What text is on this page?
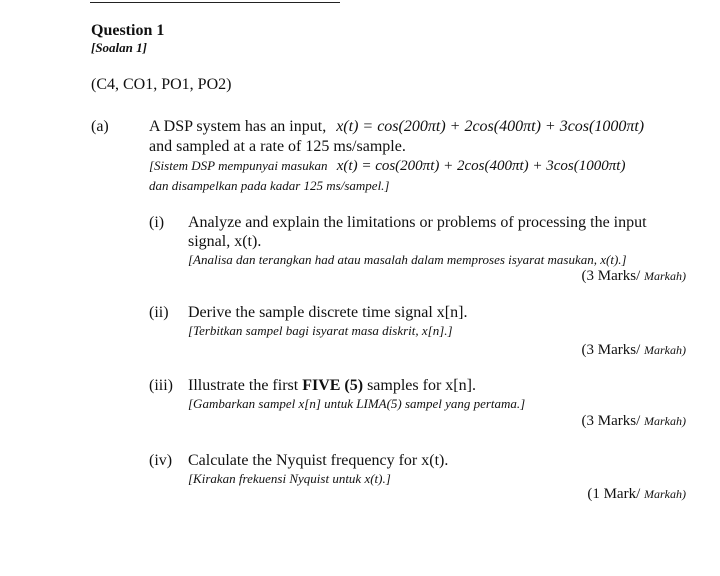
Question 1
[Soalan 1]
(C4, CO1, PO1, PO2)
(a)	A DSP system has an input, x(t) = cos(200πt) + 2cos(400πt) + 3cos(1000πt)
and sampled at a rate of 125 ms/sample.
[Sistem DSP mempunyai masukan x(t) = cos(200πt) + 2cos(400πt) + 3cos(1000πt)
dan disampelkan pada kadar 125 ms/sampel.]
(i) Analyze and explain the limitations or problems of processing the input
signal, x(t).
[Analisa dan terangkan had atau masalah dalam memproses isyarat masukan, x(t).]
(3 Marks/ Markah)
(ii) Derive the sample discrete time signal x[n].
[Terbitkan sampel bagi isyarat masa diskrit, x[n].]
(3 Marks/ Markah)
(iii) Illustrate the first FIVE (5) samples for x[n].
[Gambarkan sampel x[n] untuk LIMA(5) sampel yang pertama.]
(3 Marks/ Markah)
(iv) Calculate the Nyquist frequency for x(t).
[Kirakan frekuensi Nyquist untuk x(t).]
(1 Mark/ Markah)
